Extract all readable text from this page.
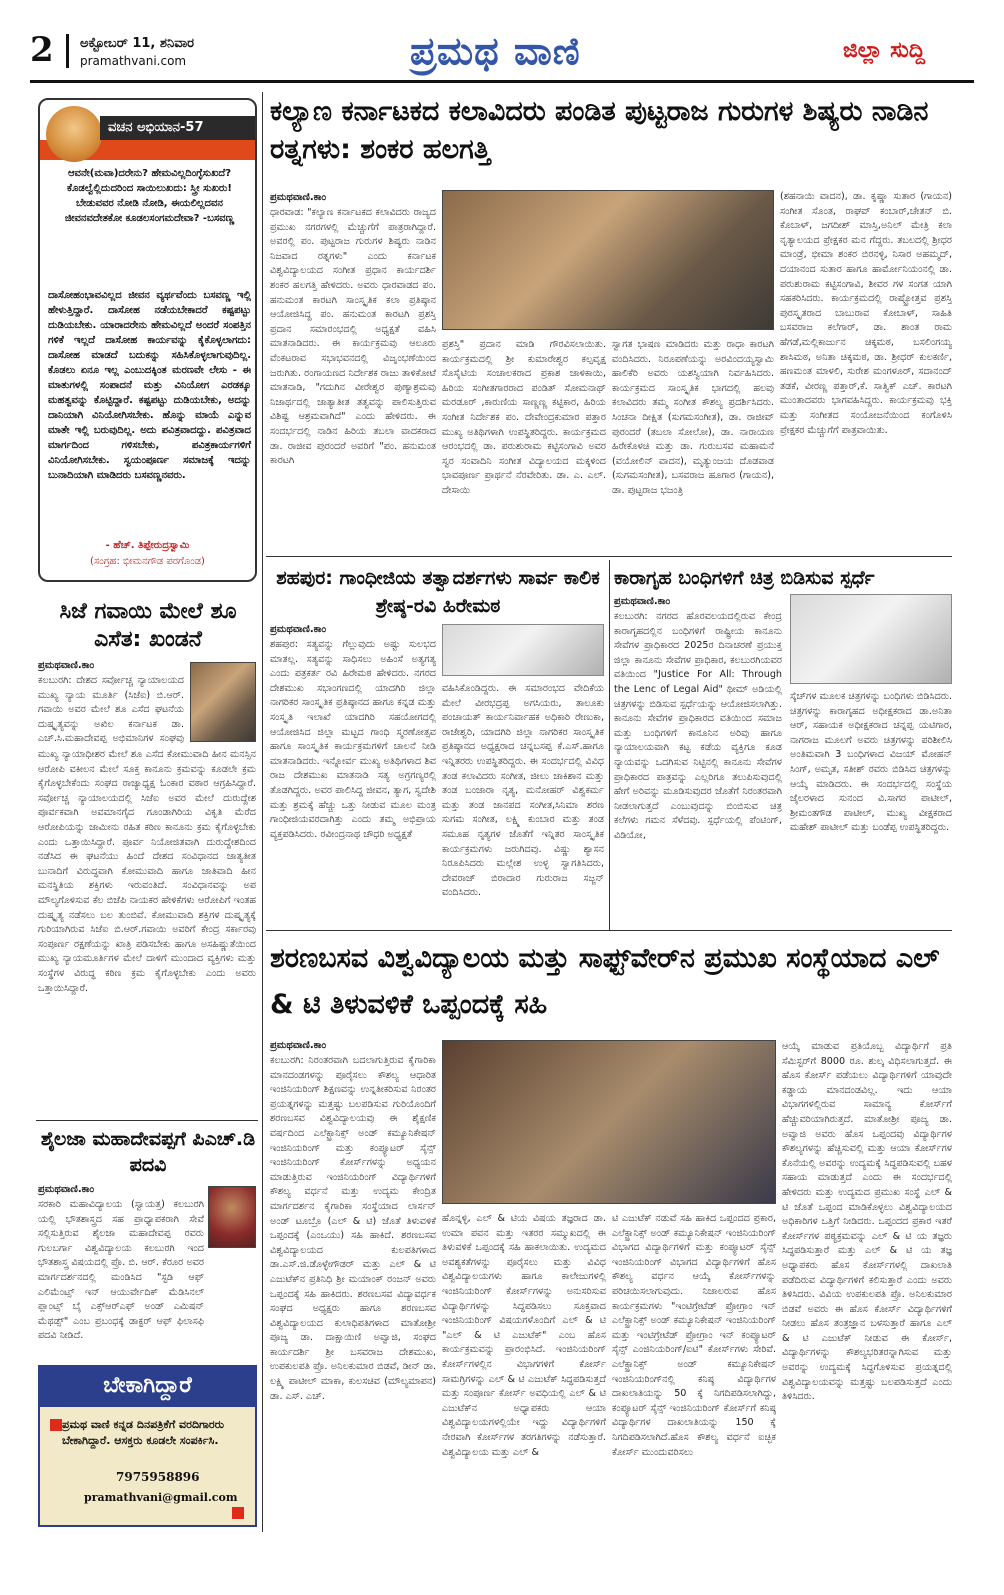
2 ಅಕ್ಟೋಬರ್ 11, ಶನಿವಾರ
pramathvani.com	ಪ್ರಮಥ ವಾಣಿ	ಜಿಲ್ಲಾ ಸುದ್ದಿ
ವಚನ ಅಭಿಯಾನ-57
ಆವನೇ(ಮವಾ)ದರೇನು? ಹೇಮವಿಲ್ಲದಿಂಗ್ಳೆಸುಖದೆ? ಕೊಡಲ್ವೆಲ್ಲಿದುದರಿಂದ ಸಾಯಿಲುಖದು: ಸ್ತ್ರೀ ಸುಖರು! ಬೇಡುವವರ ನೋಡಿ ನೋಡಿ, ಈಯಲಿಲ್ಲದವನ ಜೀವನವದೇತಕೋ ಕೂಡಲಸಂಗಮದೇವಾ? -ಬಸವಣ್ಣ
ದಾಸೋಹಂಭಾವವಿಲ್ಲದ ಜೀವನ ವ್ಯರ್ಥವೆಂದು ಬಸವಣ್ಣ ಇಲ್ಲಿ ಹೇಳುತ್ತಿದ್ದಾರೆ. ದಾಸೋಹ ನಡೆಯಬೇಕಾದರೆ ಕಷ್ಟಪಟ್ಟು ದುಡಿಯಬೇಕು. ಯಾರಾದರೇನು ಹೇಮವಿಲ್ಲದೆ ಅಂದರೆ ಸಂಪತ್ತಿನ ಗಳಿಕೆ ಇಲ್ಲದೆ ದಾಸೋಹ ಕಾರ್ಯವನ್ನು ಕೈಕೊಳ್ಳಲಾಗದು: ದಾಸೋಹ ಮಾಡದೆ ಬದುಕನ್ನು ಸಹಿಸಿಕೊಳ್ಳಲಾಗುವುದಿಲ್ಲ. ಕೊಡಲು ಏನೂ ಇಲ್ಲ ಎಂಬುದಕ್ಕಿಂತ ಮರಣವೇ ಲೇಸು - ಈ ಮಾತುಗಳಲ್ಲಿ ಸಂಪಾದನೆ ಮತ್ತು ವಿನಿಯೋಗ ಎರಡಕ್ಕೂ ಮಹತ್ವವನ್ನು ಕೊಟ್ಟಿದ್ದಾರೆ. ಕಷ್ಟಪಟ್ಟು ದುಡಿಯಬೇಕು, ಅದನ್ನು ದಾನಿಯಾಗಿ ವಿನಿಯೋಗಿಸಬೇಕು. ಹೊನ್ನು ಮಾಯೆ ಎನ್ನುವ ಮಾತೇ ಇಲ್ಲಿ ಬರುವುದಿಲ್ಲ. ಅದು ಪವಿತ್ರವಾದದ್ದು. ಪವಿತ್ರವಾದ ಮಾರ್ಗದಿಂದ ಗಳಿಸಬೇಕು, ಪವಿತ್ರಕಾರ್ಯಗಳಿಗೆ ವಿನಿಯೋಗಿಸಬೇಕು. ಸ್ವಯಂಪೂರ್ಣ ಸಮಾಜಕ್ಕೆ ಇದನ್ನು ಬುನಾದಿಯಾಗಿ ಮಾಡಿದರು ಬಸವಣ್ಣನವರು.
- ಹೆಚ್. ತಿಪ್ಪೇರುದ್ರಸ್ವಾಮಿ
(ಸಂಗ್ರಹ: ಭೀಮನಗೌಡ ಪರಗೊಂಡ)
ಕಲ್ಯಾಣ ಕರ್ನಾಟಕದ ಕಲಾವಿದರು ಪಂಡಿತ ಪುಟ್ಟರಾಜ ಗುರುಗಳ ಶಿಷ್ಯರು ನಾಡಿನ ರತ್ನಗಳು: ಶಂಕರ ಹಲಗತ್ತಿ
ಪ್ರಮಥವಾಣಿ.ಕಾಂ
ಧಾರವಾಡ: "ಕಲ್ಯಾಣ ಕರ್ನಾಟಕದ ಕಲಾವಿದರು ರಾಜ್ಯದ ಪ್ರಮುಖ ನಗರಗಳಲ್ಲಿ ಮೆಚ್ಚುಗೆಗೆ ಪಾತ್ರರಾಗಿದ್ದಾರೆ. ಅವರಲ್ಲಿ ಪಂ. ಪುಟ್ಟರಾಜ ಗುರುಗಳ ಶಿಷ್ಯರು ನಾಡಿನ ನಿಜವಾದ ರತ್ನಗಳು" ಎಂದು ಕರ್ನಾಟಕ ವಿಶ್ವವಿದ್ಯಾಲಯದ ಸಂಗೀತ ಪ್ರಧಾನ ಕಾರ್ಯದರ್ಶಿ ಶಂಕರ ಹಲಗತ್ತಿ ಹೇಳಿದರು. ಅವರು ಧಾರವಾಡದ ಪಂ. ಹನುಮಂತ ಕಾರಟಗಿ ಸಾಂಸ್ಕೃತಿಕ ಕಲಾ ಪ್ರತಿಷ್ಠಾನ ಆಯೋಜಿಸಿದ್ದ ಪಂ. ಹನುಮಂತ ಕಾರಟಗಿ ಪ್ರಶಸ್ತಿ ಪ್ರದಾನ ಸಮಾರಂಭದಲ್ಲಿ ಅಧ್ಯಕ್ಷತೆ ವಹಿಸಿ ಮಾತನಾಡಿದರು. ಈ ಕಾರ್ಯಕ್ರಮವು ಆಲೂರು ವೆಂಕಟರಾವ ಸಭಾಭವನದಲ್ಲಿ ವಿಜೃಂಭಣೆಯಿಂದ ಜರುಗಿತು. ರಂಗಾಯಣದ ನಿರ್ದೇಶಕ ರಾಜು ತಾಳಿಕೋಟೆ ಮಾತನಾಡಿ, "ಗದುಗಿನ ವೀರೇಶ್ವರ ಪುಣ್ಯಾಶ್ರಮವು ನಿಜಾರ್ಥದಲ್ಲಿ ಜಾತ್ಯಾತೀತ ತತ್ವವನ್ನು ಪಾಲಿಸುತ್ತಿರುವ ವಿಶಿಷ್ಟ ಆಶ್ರಮವಾಗಿದೆ" ಎಂದು ಹೇಳಿದರು. ಈ ಸಂದರ್ಭದಲ್ಲಿ ನಾಡಿನ ಹಿರಿಯ ತಬಲಾ ವಾದಕರಾದ ಡಾ. ರಾಜೀವ ಪುರಂದರೆ ಅವರಿಗೆ "ಪಂ. ಹನುಮಂತ ಕಾರಟಗಿ
ಪ್ರಶಸ್ತಿ" ಪ್ರದಾನ ಮಾಡಿ ಗೌರವಿಸಲಾಯಿತು. ಕಾರ್ಯಕ್ರಮದಲ್ಲಿ ಶ್ರೀ ಕುಮಾರೇಶ್ವರ ಕಲ್ಪವೃಕ್ಷ ಸೊಸೈಟಿಯ ಸಂಚಾಲಕರಾದ ಪ್ರಕಾಶ ಜಾಳಿಕಾಯಿ, ಹಿರಿಯ ಸಂಗೀತಗಾರರಾದ ಪಂಡಿತ್ ಸೋಮನಾಥ್ ಮರಡೂರ್ ,ಕಾರುಣಿಯ ಸಾಣ್ಣಣ್ಣ ಕಟ್ಟಿಕಾರ, ಹಿರಿಯ ಸಂಗೀತ ನಿರ್ದೇಶಕ ಪಂ. ದೇವೇಂದ್ರಕುಮಾರ ಪತ್ತಾರ ಮುಖ್ಯ ಅತಿಥಿಗಳಾಗಿ ಉಪಸ್ಥಿತರಿದ್ದರು. ಕಾರ್ಯಕ್ರಮದ ಆರಂಭದಲ್ಲಿ ಡಾ. ಪರುಶುರಾಮ ಕಟ್ಟಿಸಂಗಾವಿ ಅವರ ಸ್ವರ ಸಂವಾದಿನಿ ಸಂಗೀತ ವಿದ್ಯಾಲಯದ ಮಕ್ಕಳಿಂದ ಭಾವಪೂರ್ಣ ಪ್ರಾರ್ಥನೆ ನೆರವೇರಿತು. ಡಾ. ಎ. ಎಲ್. ದೇಸಾಯಿ
ಸ್ವಾಗತ ಭಾಷಣ ಮಾಡಿದರು ಮತ್ತು ರಾಧಾ ಕಾರಟಗಿ ವಂದಿಸಿದರು. ನಿರೂಪಣೆಯನ್ನು ಅರವಿಂದಯ್ಯಸ್ವಾಮಿ ಹಾಲಿಕೆರಿ ಅವರು ಯಶಸ್ವಿಯಾಗಿ ನಿರ್ವಹಿಸಿದರು. ಕಾರ್ಯಕ್ರಮದ ಸಾಂಸ್ಕೃತಿಕ ಭಾಗದಲ್ಲಿ ಹಲವು ಕಲಾವಿದರು ತಮ್ಮ ಸಂಗೀತ ಕೌಶಲ್ಯ ಪ್ರದರ್ಶಿಸಿದರು. ಸಿಂಚನಾ ದೀಕ್ಷಿತ (ಸುಗಮಸಂಗೀತ), ಡಾ. ರಾಜೀವ್ ಪುರಂದರೆ (ತಬಲಾ ಸೋಲೋ), ಡಾ. ನಾರಾಯಣ ಹಿರೇಕೊಳಚಿ ಮತ್ತು ಡಾ. ಗುರುಬಸವ ಮಹಾಮನೆ (ವಯೋಲಿನ್ ವಾದನ), ಮೃತ್ಯುಂಜಯ ದೊಡವಾಡ (ಸುಗಮಸಂಗೀತ), ಬಸವರಾಜ ಹೂಗಾರ (ಗಾಯನ), ಡಾ. ಪುಟ್ಟರಾಜ ಭಜಂತ್ರಿ
(ಶಹನಾಯಿ ವಾದನ), ಡಾ. ಕೃಷ್ಣಾ ಸುತಾರ (ಗಾಯನ) ಸಂಗೀತ ಸೊಂತ, ರಾಘವ್ ಕಂಬಾರ್,ಚೇತನ್ ಬಿ. ಕೊಬಾಳ್, ಜಗದೀಶ್ ಮಾಸ್ತಿ,ಅನಿಲ್ ಮೇತ್ರಿ ಕಲಾ ನೃತ್ಯಾಲಯದ ಪ್ರೇಕ್ಷಕರ ಮನ ಗೆದ್ದರು. ತಬಲದಲ್ಲಿ ಶ್ರೀಧರ ಮಾಂಡ್ರೆ, ಭೀಮಾ ಶಂಕರ ಬಿರನಳ್ಳಿ, ನಿಸಾರ ಅಹಮ್ಮದ್, ದಯಾನಂದ ಸುತಾರ ಹಾಗೂ ಹಾರ್ಮೋನಿಯಂನಲ್ಲಿ ಡಾ. ಪರುಶುರಾಮ ಕಟ್ಟಿಸಂಗಾವಿ, ಶೀವರ ಗಳ ಸಂಗತ ಯಾಗಿ ಸಹಕರಿಸಿದರು. ಕಾರ್ಯಕ್ರಮದಲ್ಲಿ ರಾಷ್ಟ್ರೋತ್ತವ ಪ್ರಶಸ್ತಿ ಪುರಸ್ಕೃತರಾದ ಬಾಬುರಾವ ಕೋಬಾಳ್, ಸಾಹಿತಿ ಬಸವರಾಜ ಕಲೆಗಾರ್, ಡಾ. ಶಾಂತ ರಾಮ ಹೆಗಡೆ,ಮಲ್ಲಿಕಾರ್ಜುನ ಚಿಕ್ಕಮಠ, ಬಸಲಿಂಗಯ್ಯ ಶಾಸಿಮಠ, ಅನಿತಾ ಚಿಕ್ಕಮಠ, ಡಾ. ಶ್ರೀಧರ್ ಕುಲಕರ್ಣಿ, ಹಣಮಂತ ಮಾಳಲಿ, ಸುರೇಶ ಮಂಗಳೂರ್, ಸದಾನಂದ್ ತಡಕೆ, ವೀರಣ್ಣ ಪತ್ತಾರ್,ಕೆ. ಸಾತ್ವಿಕ್ ಎಚ್. ಕಾರಟಗಿ ಮುಂತಾದವರು ಭಾಗವಹಿಸಿದ್ದರು. ಕಾರ್ಯಕ್ರಮವು ಭಕ್ತಿ ಮತ್ತು ಸಂಗೀತದ ಸಂಯೋಜನೆಯಿಂದ ಕಂಗೊಳಿಸಿ ಪ್ರೇಕ್ಷಕರ ಮೆಚ್ಚುಗೆಗೆ ಪಾತ್ರವಾಯಿತು.
ಸಿಜೆ ಗವಾಯಿ ಮೇಲೆ ಶೂ ಎಸೆತ: ಖಂಡನೆ
ಪ್ರಮಥವಾಣಿ.ಕಾಂ
ಕಲಬುರಗಿ: ದೇಶದ ಸರ್ವೋಚ್ಚ ನ್ಯಾಯಾಲಯದ ಮುಖ್ಯ ನ್ಯಾಯ ಮೂರ್ತಿ (ಸಿಜೆಐ) ಬಿ.ಆರ್. ಗವಾಯಿ ಅವರ ಮೇಲೆ ಶೂ ಎಸೆದ ಘಟನೆಯ ದುಷ್ಕೃತ್ಯವನ್ನು ಅಖಿಲ ಕರ್ನಾಟಕ ಡಾ. ಎಚ್.ಸಿ.ಮಹಾದೇವಪ್ಪ ಅಭಿಮಾನಿಗಳ ಸಂಘವು
ಮುಖ್ಯ ನ್ಯಾಯಾಧೀಶರ ಮೇಲೆ ಶೂ ಎಸೆದ ಕೋಮುವಾದಿ ಹೀನ ಮನಸ್ಸಿನ ಆರೋಪಿ ವಕೀಲನ ಮೇಲೆ ಸೂಕ್ತ ಕಾನೂನು ಕ್ರಮವನ್ನು ಕೂಡಲೇ ಕ್ರಮ ಕೈಗೊಳ್ಳಬೇಕೆಂದು ಸಂಘದ ರಾಜ್ಯಾಧ್ಯಕ್ಷ ಓಂಕಾರ ವಠಾರ ಆಗ್ರಹಿಸಿದ್ದಾರೆ. ಸರ್ವೋಚ್ಚ ನ್ಯಾಯಾಲಯದಲ್ಲಿ ಸಿಜೆಐ ಅವರ ಮೇಲೆ ದುರುದ್ದೇಶ ಪೂರ್ವಕವಾಗಿ ಅವಮಾನಗೈದ ಗೂಂಡಾಗಿರಿಯ ವಿಕೃತಿ ಮೆರೆದ ಆರೋಪಿಯನ್ನು ಜಾಮೀನು ರಹಿತ ಕಠಿಣ ಕಾನೂನು ಕ್ರಮ ಕೈಗೊಳ್ಳಬೇಕು ಎಂದು ಒತ್ತಾಯಿಸಿದ್ದಾರೆ. ಪೂರ್ವ ನಿಯೋಜಿತವಾಗಿ ದುರುದ್ದೇಶದಿಂದ ನಡೆಸಿದ ಈ ಘಟನೆಯು ಹಿಂದೆ ದೇಶದ ಸಂವಿಧಾನದ ಜಾತ್ಯತೀತ ಬುನಾದಿಗೆ ವಿರುದ್ಧವಾಗಿ ಕೋಮುವಾದಿ ಹಾಗೂ ಜಾತಿವಾದಿ ಹೀನ ಮನಸ್ಥಿತಿಯ ಶಕ್ತಿಗಳು ಇರುವಂತಿದೆ. ಸಂವಿಧಾನವನ್ನು ಅಪ ಮೌಲ್ಯಗೊಳಿಸುವ ಕೆಲ ಬಿಜೆಪಿ ನಾಯಕರ ಹೇಳಿಕೆಗಳು ಆರೋಪಿಗೆ ಇಂತಹ ದುಷ್ಕೃತ್ಯ ನಡೆಸಲು ಬಲ ತುಂಬಿವೆ. ಕೋಮುವಾದಿ ಶಕ್ತಿಗಳ ದುಷ್ಕೃತ್ಯಕ್ಕೆ ಗುರಿಯಾಗಿರುವ ಸಿಜೆಐ ಬಿ.ಆರ್.ಗವಾಯಿ ಅವರಿಗೆ ಕೇಂದ್ರ ಸರ್ಕಾರವು ಸಂಪೂರ್ಣ ರಕ್ಷಣೆಯನ್ನು ಖಾತ್ರಿ ಪಡಿಸಬೇಕು ಹಾಗೂ ಅಸಹಿಷ್ಣುತೆಯಿಂದ ಮುಖ್ಯ ನ್ಯಾಯಮೂರ್ತಿಗಳ ಮೇಲೆ ದಾಳಿಗೆ ಮುಂದಾದ ವ್ಯಕ್ತಿಗಳು ಮತ್ತು ಸಂಸ್ಥೆಗಳ ವಿರುದ್ಧ ಕಠಿಣ ಕ್ರಮ ಕೈಗೊಳ್ಳಬೇಕು ಎಂದು ಅವರು ಒತ್ತಾಯಿಸಿದ್ದಾರೆ.
ಶೈಲಜಾ ಮಹಾದೇವಪ್ಪಗೆ ಪಿಎಚ್.ಡಿ ಪದವಿ
ಪ್ರಮಥವಾಣಿ.ಕಾಂ
ಸರಕಾರಿ ಮಹಾವಿದ್ಯಾಲಯ (ಸ್ವಾಯತ್ತ) ಕಲಬುರಗಿ ಯಲ್ಲಿ ಭೌತಶಾಸ್ತ್ರದ ಸಹ ಪ್ರಾಧ್ಯಾಪಕರಾಗಿ ಸೇವೆ ಸಲ್ಲಿಸುತ್ತಿರುವ ಶೈಲಜಾ ಮಹಾದೇವಪ್ಪ ರವರು ಗುಲಬರ್ಗಾ ವಿಶ್ವವಿದ್ಯಾಲಯ ಕಲಬುರಗಿ ಇಂದ ಭೌತಶಾಸ್ತ್ರ ವಿಷಯದಲ್ಲಿ ಪ್ರೊ. ಬಿ. ಆರ್. ಕೆರೂರ ಅವರ ಮಾರ್ಗದರ್ಶನದಲ್ಲಿ ಮಂಡಿಸಿದ "ಸ್ಟಡಿ ಆಫ್ ಎಲಿಮೆಂಟ್ಸ್ ಇನ್ ಆಯುರ್ವೇದಿಕ್ ಮೆಡಿಸಿನಲ್ ಪ್ಲಾಂಟ್ಸ್ ಬೈ ಎಕ್ಸ್‌ಆರ್‌ಎಫ್ ಅಂಡ್ ಎಮಿಷನ್ ಮೆಥಡ್ಸ್" ಎಂಬ ಪ್ರಬಂಧಕ್ಕೆ ಡಾಕ್ಟರ್ ಆಫ್ ಫಿಲಾಸಫಿ ಪದವಿ ನೀಡಿದೆ.
ಬೇಕಾಗಿದ್ದಾರೆ
ಪ್ರಮಥ ವಾಣಿ ಕನ್ನಡ ದಿನಪತ್ರಿಕೆಗೆ ವರದಿಗಾರರು ಬೇಕಾಗಿದ್ದಾರೆ. ಆಸಕ್ತರು ಕೂಡಲೇ ಸಂಪರ್ಕಿಸಿ.
7975958896
pramathvani@gmail.com
ಶಹಪುರ: ಗಾಂಧೀಜಿಯ ತತ್ವಾದರ್ಶಗಳು ಸಾರ್ವ ಕಾಲಿಕ ಶ್ರೇಷ್ಠ-ರವಿ ಹಿರೇಮಠ
ಪ್ರಮಥವಾಣಿ.ಕಾಂ
ಶಹಪುರ: ಸತ್ಯವನ್ನು ಗೆಲ್ಲುವುದು ಅಷ್ಟು ಸುಲಭದ ಮಾತಲ್ಲ. ಸತ್ಯವನ್ನು ಸಾಧಿಸಲು ಅಹಿಂಸೆ ಅತ್ಯಗತ್ಯ ಎಂದು ಪತ್ರಕರ್ತ ರವಿ ಹಿರೇಮಠ ಹೇಳಿದರು. ನಗರದ ದೇಶಮುಖ ಸಭಾಂಗಣದಲ್ಲಿ ಯಾದಗಿರಿ ಜಿಲ್ಲಾ ನಾಗರಿಕರ ಸಾಂಸ್ಕೃತಿಕ ಪ್ರತಿಷ್ಠಾನದ ಹಾಗೂ ಕನ್ನಡ ಮತ್ತು ಸಂಸ್ಕೃತಿ ಇಲಾಖೆ ಯಾದಗಿರಿ ಸಹಯೋಗದಲ್ಲಿ ಆಯೋಜಿಸಿದ ಜಿಲ್ಲಾ ಮಟ್ಟದ ಗಾಂಧಿ ಸ್ಮರಣೋತ್ಸವ ಹಾಗೂ ಸಾಂಸ್ಕೃತಿಕ ಕಾರ್ಯಕ್ರಮಗಳಿಗೆ ಚಾಲನೆ ನೀಡಿ ಮಾತನಾಡಿದರು. ಇನ್ನೋರ್ವ ಮುಖ್ಯ ಅತಿಥಿಗಳಾದ ಶಿವ ರಾಜ ದೇಶಮುಖ ಮಾತನಾಡಿ ಸತ್ಯ ಅಗ್ರಗಣ್ಯರಲ್ಲಿ ತೊಡಗಿದ್ದರು. ಅವರ ಪಾಲಿಸಿದ್ದ ಜೀವನ, ತ್ಯಾಗ, ಸ್ವದೇಶಿ ಮತ್ತು ಶ್ರಮಕ್ಕೆ ಹೆಚ್ಚು ಒತ್ತು ನೀಡುವ ಮೂಲ ಮಂತ್ರ ಗಾಂಧೀಜಿಯವರದಾಗಿತ್ತು ಎಂದು ತಮ್ಮ ಅಭಿಪ್ರಾಯ ವ್ಯಕ್ತಪಡಿಸಿದರು. ರವೀಂದ್ರನಾಥ ಚೌಧರಿ ಅಧ್ಯಕ್ಷತೆ
ವಹಿಸಿಕೊಂಡಿದ್ದರು. ಈ ಸಮಾರಂಭದ ವೇದಿಕೆಯ ಮೇಲೆ ವೀರಭದ್ರಪ್ಪ ಅಗಸಿಯರು, ತಾಲೂಕು ಪಂಚಾಯತ್ ಕಾರ್ಯನಿರ್ವಾಹಕ ಅಧಿಕಾರಿ ರೇಣುಕಾ, ರಾಜೇಶ್ವರಿ, ಯಾದಗಿರಿ ಜಿಲ್ಲಾ ನಾಗರಿಕರ ಸಾಂಸ್ಕೃತಿಕ ಪ್ರತಿಷ್ಠಾನದ ಅಧ್ಯಕ್ಷರಾದ ಚನ್ನಬಸಪ್ಪ ಕೆ.ಎಸ್.ಹಾಗೂ ಇನ್ನಿತರರು ಉಪಸ್ಥಿತರಿದ್ದರು. ಈ ಸಂದರ್ಭದಲ್ಲಿ ವಿವಿಧ ತಂಡ ಕಲಾವಿದರು ಸಂಗೀತ, ಜೀಲು ಜಾಕಿಶಾನ ಮತ್ತು ತಂಡ ಬಂಜಾರಾ ನೃತ್ಯ, ಮನೋಹರ್ ವಿಶ್ವಕರ್ಮ ಮತ್ತು ತಂಡ ಜಾನಪದ ಸಂಗೀತ,ಸಿನಿಮಾ ಶರಣ ಸುಗಮ ಸಂಗೀತ, ಲಕ್ಷ್ಮಿ ಕುಂಬಾರ ಮತ್ತು ತಂಡ ಸಮೂಹ ನೃತ್ಯಗಳ ಜೊತೆಗೆ ಇನ್ನಿತರ ಸಾಂಸ್ಕೃತಿಕ ಕಾರ್ಯಕ್ರಮಗಳು ಜರುಗಿದವು. ವಿಷ್ಣು ಶ್ಯಾಸನ ನಿರೂಪಿಸಿದರು ಮಲ್ಲೇಶ ಉಳ್ಳ ಸ್ವಾಗತಿಸಿದರು, ದೇವರಾಜ್ ಬಿರಾದಾರ ಗುರುರಾಜ ಸಜ್ಜನ್ ವಂದಿಸಿದರು.
ಕಾರಾಗೃಹ ಬಂಧಿಗಳಿಗೆ ಚಿತ್ರ ಬಿಡಿಸುವ ಸ್ಪರ್ಧೆ
ಪ್ರಮಥವಾಣಿ.ಕಾಂ
ಕಲಬುರಗಿ: ನಗರದ ಹೊರವಲಯದಲ್ಲಿರುವ ಕೇಂದ್ರ ಕಾರಾಗೃಹದಲ್ಲಿನ ಬಂಧಿಗಳಿಗೆ ರಾಷ್ಟ್ರೀಯ ಕಾನೂನು ಸೇವೆಗಳ ಪ್ರಾಧಿಕಾರದ 2025ರ ದಿನಾಚರಣೆ ಪ್ರಯುಕ್ತ ಜಿಲ್ಲಾ ಕಾನೂನು ಸೇವೆಗಳ ಪ್ರಾಧಿಕಾರ, ಕಲಬುರಗಿಯವರ ವತಿಯಿಂದ "Justice For All: Through the Lenc of Legal Aid" ಥೀಮ್ ಅಡಿಯಲ್ಲಿ ಚಿತ್ರಗಳನ್ನು ಬಿಡಿಸುವ ಸ್ಪರ್ಧೆಯನ್ನು ಆಯೋಜಿಸಲಾಗಿತ್ತು. ಕಾನೂನು ಸೇವೆಗಳ ಪ್ರಾಧಿಕಾರದ ವತಿಯಿಂದ ಸಮಾಜ ಮತ್ತು ಬಂಧಿಗಳಿಗೆ ಕಾನೂನಿನ ಅರಿವು ಹಾಗೂ ನ್ಯಾಯಾಲಯವಾಗಿ ಕಟ್ಟ ಕಡೆಯ ವ್ಯಕ್ತಿಗೂ ಕೂಡ ನ್ಯಾಯವನ್ನು ಒದಗಿಸುವ ನಿಟ್ಟಿನಲ್ಲಿ ಕಾನೂನು ಸೇವೆಗಳ ಪ್ರಾಧಿಕಾರದ ಪಾತ್ರವನ್ನು ಎಲ್ಲರಿಗೂ ತಲುಪಿಸುವುದಲ್ಲಿ ಹೇಗೆ ಅರಿವನ್ನು ಮೂಡಿಸುವುದರ ಜೊತೆಗೆ ನಿರಂತರವಾಗಿ ನೀಡಲಾಗುತ್ತದೆ ಎಂಬುವುದನ್ನು ಬಿಂಬಿಸುವ ಚಿತ್ರ ಕಲೆಗಳು ಗಮನ ಸೆಳೆದವು. ಸ್ಪರ್ಧೆಯಲ್ಲಿ ಪೆಂಟಿಂಗ್, ವಿಡಿಯೋ,
ಸ್ಕೆಚ್‌ಗಳ ಮೂಲಕ ಚಿತ್ರಗಳನ್ನು ಬಂಧಿಗಳು ಬಿಡಿಸಿದರು. ಚಿತ್ರಗಳನ್ನು ಕಾರಾಗೃಹದ ಅಧೀಕ್ಷಕರಾದ ಡಾ.ಅನಿತಾ ಆರ್, ಸಹಾಯಕ ಅಧೀಕ್ಷಕರಾದ ಚನ್ನಪ್ಪ ಯಟಿಗಾರ, ನಾಗರಾಜ ಮೂಲಗೆ ಅವರು ಚಿತ್ರಗಳನ್ನು ಪರಿಶೀಲಿಸಿ ಅಂತಿಮವಾಗಿ 3 ಬಂಧಿಗಳಾದ ವಿಜಯ್ ಮೋಹನ್ ಸಿಂಗ್, ಅಮೃತ, ಸತೀಶ್ ರವರು ಬಿಡಿಸಿದ ಚಿತ್ರಗಳನ್ನು ಆಯ್ಕೆ ಮಾಡಿದರು. ಈ ಸಂದರ್ಭದಲ್ಲಿ ಸಂಸ್ಥೆಯ ಜೈಲರಳಾದ ಸುನಂದ ವಿ.ಸಾಗರ ಪಾಟೀಲ್, ಶ್ರೀಮಂತಗೌಡ ಪಾಟೀಲ್, ಮುಖ್ಯ ವೀಕ್ಷಕರಾದ ಮಹೇಶ್ ಪಾಟೀಲ್ ಮತ್ತು ಬಂಡೆಪ್ಪ ಉಪಸ್ಥಿತರಿದ್ದರು.
ಶರಣಬಸವ ವಿಶ್ವವಿದ್ಯಾಲಯ ಮತ್ತು ಸಾಫ್ಟ್‌ವೇರ್‌ನ ಪ್ರಮುಖ ಸಂಸ್ಥೆಯಾದ ಎಲ್ & ಟಿ ತಿಳುವಳಿಕೆ ಒಪ್ಪಂದಕ್ಕೆ ಸಹಿ
ಪ್ರಮಥವಾಣಿ.ಕಾಂ
ಕಲಬುರಗಿ: ನಿರಂತರವಾಗಿ ಬದಲಾಗುತ್ತಿರುವ ಕೈಗಾರಿಕಾ ಮಾನದಂಡಗಳನ್ನು ಪೂರೈಸಲು ಕೌಶಲ್ಯ ಆಧಾರಿತ ಇಂಜಿನಿಯರಿಂಗ್ ಶಿಕ್ಷಣವನ್ನು ಉನ್ನತೀಕರಿಸುವ ನಿರಂತರ ಪ್ರಯತ್ನಗಳನ್ನು ಮತ್ತಷ್ಟು ಬಲಪಡಿಸುವ ಗುರಿಯೊಂದಿಗೆ ಶರಣಬಸವ ವಿಶ್ವವಿದ್ಯಾಲಯವು ಈ ಶೈಕ್ಷಣಿಕ ವರ್ಷದಿಂದ ಎಲೆಕ್ಟ್ರಾನಿಕ್ಸ್ ಅಂಡ್ ಕಮ್ಯೂನಿಕೇಷನ್ ಇಂಜಿನಿಯರಿಂಗ್ ಮತ್ತು ಕಂಪ್ಯೂಟರ್ ಸೈನ್ಸ್ ಇಂಜಿನಿಯರಿಂಗ್ ಕೋರ್ಸ್‌ಗಳನ್ನು ಅಧ್ಯಯನ ಮಾಡುತ್ತಿರುವ ಇಂಜಿನಿಯರಿಂಗ್ ವಿದ್ಯಾರ್ಥಿಗಳಿಗೆ ಕೌಶಲ್ಯ ವರ್ಧನೆ ಮತ್ತು ಉದ್ಯಮ ಕೇಂದ್ರಿತ ಮಾರ್ಗದರ್ಶನ ಕೈಗಾರಿಕಾ ಸಂಸ್ಥೆಯಾದ ಲಾರ್ಸನ್ ಅಂಡ್ ಟೂಬ್ರೊ (ಎಲ್ & ಟಿ) ಜೊತೆ ತಿಳುವಳಿಕೆ ಒಪ್ಪಂದಕ್ಕೆ (ಎಂಒಯು) ಸಹಿ ಹಾಕಿದೆ. ಶರಣಬಸವ ವಿಶ್ವವಿದ್ಯಾಲಯದ ಕುಲಪತಿಗಳಾದ ಡಾ.ಎಸ್.ಜಿ.ಡೊಳ್ಳೇಗೌಡರ್ ಮತ್ತು ಎಲ್ & ಟಿ ಎಜುಟೆಕ್‌ನ ಪ್ರತಿನಿಧಿ ಶ್ರೀ ಮಯಾಂಕ್ ರಂಜನ್ ಅವರು ಒಪ್ಪಂದಕ್ಕೆ ಸಹಿ ಹಾಕಿದರು. ಶರಣಬಸವ ವಿದ್ಯಾವರ್ಧಕ ಸಂಘದ ಅಧ್ಯಕ್ಷರು ಹಾಗೂ ಶರಣಬಸವ ವಿಶ್ವವಿದ್ಯಾಲಯದ ಕುಲಾಧಿಪತಿಗಳಾದ ಮಾತೋಶ್ರೀ ಪೂಜ್ಯ ಡಾ. ದಾಕ್ಷಾಯಿಣಿ ಅವ್ವಾಜಿ, ಸಂಘದ ಕಾರ್ಯದರ್ಶಿ ಶ್ರೀ ಬಸವರಾಜ ದೇಶಮುಖ, ಉಪಕುಲಪತಿ ಪ್ರೊ. ಅನಿಲಕುಮಾರ ಬಿಡವೆ, ಡೀನ್ ಡಾ. ಲಕ್ಷ್ಮಿ ಪಾಟೀಲ್ ಮಾಕಾ, ಕುಲಸಚಿವ (ಮೌಲ್ಯಮಾಪನ) ಡಾ. ಎಸ್. ಎಚ್.
ಹೊನ್ನಳ್ಳಿ, ಎಲ್ & ಟಿಯ ವಿಷಯ ತಜ್ಞರಾದ ಡಾ. ಉಮಾ ಪವನ ಮತ್ತು ಇತರರ ಸಮ್ಮುಖದಲ್ಲಿ ಈ ತಿಳುವಳಿಕೆ ಒಪ್ಪಂದಕ್ಕೆ ಸಹಿ ಹಾಕಲಾಯಿತು. ಉದ್ಯಮದ ಅವಶ್ಯಕತೆಗಳನ್ನು ಪೂರೈಸಲು ಮತ್ತು ವಿವಿಧ ವಿಶ್ವವಿದ್ಯಾಲಯಗಳು ಹಾಗೂ ಕಾಲೇಜುಗಳಲ್ಲಿ ಇಂಜಿನಿಯರಿಂಗ್ ಕೋರ್ಸ್‌ಗಳನ್ನು ಅನುಸರಿಸುವ ವಿದ್ಯಾರ್ಥಿಗಳನ್ನು ಸಿದ್ಧಪಡಿಸಲು ಸೂಕ್ತವಾದ ಇಂಜಿನಿಯರಿಂಗ್ ವಿಷಯಗಳೊಂದಿಗೆ ಎಲ್ & ಟಿ "ಎಲ್ & ಟಿ ಎಜುಟೆಕ್" ಎಂಬ ಹೊಸ ಕಾರ್ಯಕ್ರಮವನ್ನು ಪ್ರಾರಂಭಿಸಿದೆ. ಇಂಜಿನಿಯರಿಂಗ್ ಕೋರ್ಸ್‌ಗಳಲ್ಲಿನ ವಿಭಾಗಗಳಿಗೆ ಕೋರ್ಸ್ ಸಾಮಗ್ರಿಗಳನ್ನು ಎಲ್ & ಟಿ ಎಜುಟೆಕ್ ಸಿದ್ಧಪಡಿಸುತ್ತದೆ ಮತ್ತು ಸಂಪೂರ್ಣ ಕೋರ್ಸ್ ಅವಧಿಯಲ್ಲಿ ಎಲ್ & ಟಿ ಎಜುಟೆಕ್‌ನ ಅಧ್ಯಾಪಕರು ಆಯಾ ವಿಶ್ವವಿದ್ಯಾಲಯಗಳಲ್ಲಿಯೇ ಇದ್ದು ವಿದ್ಯಾರ್ಥಿಗಳಿಗೆ ನೇರವಾಗಿ ಕೋರ್ಸ್‌ಗಳ ತರಗತಿಗಳನ್ನು ನಡೆಸುತ್ತಾರೆ. ವಿಶ್ವವಿದ್ಯಾಲಯ ಮತ್ತು ಎಲ್ &
ಟಿ ಎಜುಟೆಕ್ ನಡುವೆ ಸಹಿ ಹಾಕಿದ ಒಪ್ಪಂದದ ಪ್ರಕಾರ, ಎಲೆಕ್ಟ್ರಾನಿಕ್ಸ್ ಅಂಡ್ ಕಮ್ಯೂನಿಕೇಷನ್ ಇಂಜಿನಿಯರಿಂಗ್ ವಿಭಾಗದ ವಿದ್ಯಾರ್ಥಿಗಳಿಗೆ ಮತ್ತು ಕಂಪ್ಯೂಟರ್ ಸೈನ್ಸ್ ಇಂಜಿನಿಯರಿಂಗ್ ವಿಭಾಗದ ವಿದ್ಯಾರ್ಥಿಗಳಿಗೆ ಹೊಸ ಕೌಶಲ್ಯ ವರ್ಧನ ಆಯ್ಕೆ ಕೋರ್ಸ್‌ಗಳನ್ನು ಪರಿಚಯಿಸಲಾಗುವುದು. ನಿಜಾಲರುವ ಹೊಸ ಕಾರ್ಯಕ್ರಮಗಳು "ಇಂಟಿಗ್ರೇಟೆಡ್ ಪ್ರೋಗ್ರಾಂ ಇನ್ ಎಲೆಕ್ಟ್ರಾನಿಕ್ಸ್ ಅಂಡ್ ಕಮ್ಯೂನಿಕೇಷನ್ ಇಂಜಿನಿಯರಿಂಗ್ ಮತ್ತು ಇಂಟಿಗ್ರೇಟೆಡ್ ಪ್ರೋಗ್ರಾಂ ಇನ್ ಕಂಪ್ಯೂಟರ್ ಸೈನ್ಸ್ ಎಂಜಿನಿಯರಿಂಗ್/ಐಟಿ" ಕೋರ್ಸ್‌ಗಳು ಸೇರಿವೆ. ಎಲೆಕ್ಟ್ರಾನಿಕ್ಸ್ ಅಂಡ್ ಕಮ್ಯೂನಿಕೇಷನ್ ಇಂಜಿನಿಯರಿಂಗ್‌ನಲ್ಲಿ ಕನಿಷ್ಠ ವಿದ್ಯಾರ್ಥಿಗಳ ದಾಖಲಾತಿಯನ್ನು 50 ಕ್ಕೆ ನಿಗದಿಪಡಿಸಲಾಗಿದ್ದು, ಕಂಪ್ಯೂಟರ್ ಸೈನ್ಸ್ ಇಂಜಿನಿಯರಿಂಗ್ ಕೋರ್ಸ್‌ಗೆ ಕನಿಷ್ಠ ವಿದ್ಯಾರ್ಥಿಗಳ ದಾಖಲಾತಿಯನ್ನು 150 ಕ್ಕೆ ನಿಗದಿಪಡಿಸಲಾಗಿದೆ.ಹೊಸ ಕೌಶಲ್ಯ ವರ್ಧನೆ ಐಚ್ಛಿಕ ಕೋರ್ಸ್ ಮುಂದುವರಿಸಲು
ಆಯ್ಕೆ ಮಾಡುವ ಪ್ರತಿಯೊಬ್ಬ ವಿದ್ಯಾರ್ಥಿಗೆ ಪ್ರತಿ ಸೆಮಿಸ್ಟರ್‌ಗೆ 8000 ರೂ. ಶುಲ್ಕ ವಿಧಿಸಲಾಗುತ್ತದೆ. ಈ ಹೊಸ ಕೋರ್ಸ್ ಪಡೆಯಲು ವಿದ್ಯಾರ್ಥಿಗಳಿಗೆ ಯಾವುದೇ ಕಡ್ಡಾಯ ಮಾನದಂಡವಿಲ್ಲ. ಇದು ಆಯಾ ವಿಭಾಗಗಳಲ್ಲಿರುವ ಸಾಮಾನ್ಯ ಕೋರ್ಸ್‌ಗೆ ಹೆಚ್ಚುವರಿಯಾಗಿರುತ್ತದೆ. ಮಾತೋಶ್ರೀ ಪೂಜ್ಯ ಡಾ. ಅವ್ವಾಜಿ ಅವರು ಹೊಸ ಒಪ್ಪಂದವು ವಿದ್ಯಾರ್ಥಿಗಳ ಕೌಶಲ್ಯಗಳನ್ನು ಹೆಚ್ಚಿಸುವಲ್ಲಿ ಮತ್ತು ಆಯಾ ಕೋರ್ಸ್‌ಗಳ ಕೊನೆಯಲ್ಲಿ ಅವರನ್ನು ಉದ್ಯಮಕ್ಕೆ ಸಿದ್ಧಪಡಿಸುವಲ್ಲಿ ಬಹಳ ಸಹಾಯ ಮಾಡುತ್ತದೆ ಎಂದು ಈ ಸಂದರ್ಭದಲ್ಲಿ ಹೇಳಿದರು ಮತ್ತು ಉದ್ಯಮದ ಪ್ರಮುಖ ಸಂಸ್ಥೆ ಎಲ್ & ಟಿ ಜೊತೆ ಒಪ್ಪಂದ ಮಾಡಿಕೊಳ್ಳಲು ವಿಶ್ವವಿದ್ಯಾಲಯದ ಅಧಿಕಾರಿಗಳ ಒತ್ತಿಗೆ ನೀಡಿದರು. ಒಪ್ಪಂದದ ಪ್ರಕಾರ ಇತರೆ ಕೋರ್ಸ್‌ಗಳ ಪಠ್ಯಕ್ರಮವನ್ನು ಎಲ್ & ಟಿ ಯ ತಜ್ಞರು ಸಿದ್ಧಪಡಿಸುತ್ತಾರೆ ಮತ್ತು ಎಲ್ & ಟಿ ಯ ತಜ್ಞ ಅಧ್ಯಾಪಕರು ಹೊಸ ಕೋರ್ಸ್‌ಗಳಲ್ಲಿ ದಾಖಲಾತಿ ಪಡೆದಿರುವ ವಿದ್ಯಾರ್ಥಿಗಳಿಗೆ ಕಲಿಸುತ್ತಾರೆ ಎಂದು ಅವರು ತಿಳಿಸಿದರು. ವಿವಿಯ ಉಪಕುಲಪತಿ ಪ್ರೊ. ಅನಿಲಕುಮಾರ ಬಿಡವೆ ಅವರು ಈ ಹೊಸ ಕೋರ್ಸ್ ವಿದ್ಯಾರ್ಥಿಗಳಿಗೆ ನೀಡಲು ಹೊಸ ತಂತ್ರಜ್ಞಾನ ಬಳಸುತ್ತಾರೆ ಹಾಗೂ ಎಲ್ & ಟಿ ಎಜುಟೆಕ್ ನೀಡುವ ಈ ಕೋರ್ಸ್, ವಿದ್ಯಾರ್ಥಿಗಳನ್ನು ಕೌಶಲ್ಯಭರಿತರನ್ನಾಗಿಸುವ ಮತ್ತು ಅವರನ್ನು ಉದ್ಯಮಕ್ಕೆ ಸಿದ್ಧಗೊಳಿಸುವ ಪ್ರಯತ್ನದಲ್ಲಿ ವಿಶ್ವವಿದ್ಯಾಲಯವನ್ನು ಮತ್ತಷ್ಟು ಬಲಪಡಿಸುತ್ತದೆ ಎಂದು ತಿಳಿಸಿದರು.
